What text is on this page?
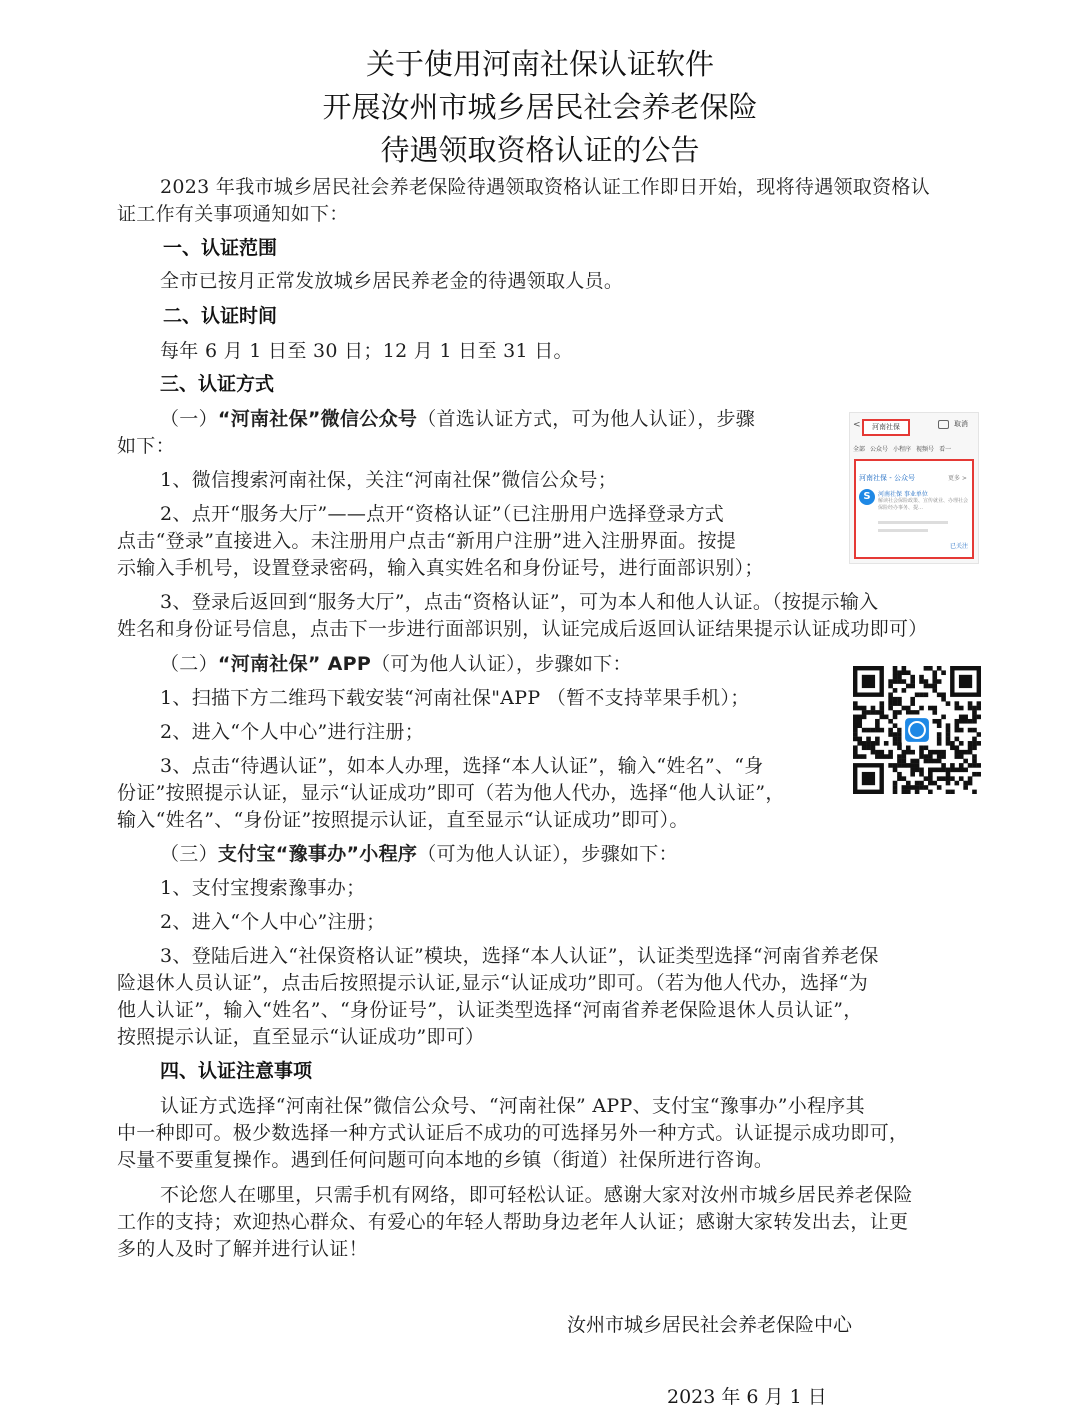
关于使用河南社保认证软件
开展汝州市城乡居民社会养老保险
待遇领取资格认证的公告
2023 年我市城乡居民社会养老保险待遇领取资格认证工作即日开始，现将待遇领取资格认
证工作有关事项通知如下：
一、认证范围
全市已按月正常发放城乡居民养老金的待遇领取人员。
二、认证时间
每年 6 月 1 日至 30 日；12 月 1 日至 31 日。
三、认证方式
（一）“河南社保”微信公众号（首选认证方式，可为他人认证），步骤
如下：
1、微信搜索河南社保，关注“河南社保”微信公众号；
2、点开“服务大厅”——点开“资格认证”（已注册用户选择登录方式
点击“登录”直接进入。未注册用户点击“新用户注册”进入注册界面。按提
示输入手机号，设置登录密码，输入真实姓名和身份证号，进行面部识别）；
3、登录后返回到“服务大厅”，点击“资格认证”，可为本人和他人认证。（按提示输入
姓名和身份证号信息，点击下一步进行面部识别，认证完成后返回认证结果提示认证成功即可）
（二）“河南社保” APP（可为他人认证），步骤如下：
1、扫描下方二维玛下载安装“河南社保"APP （暂不支持苹果手机）；
2、进入“个人中心”进行注册；
3、点击“待遇认证”，如本人办理，选择“本人认证”，输入“姓名”、“身
份证”按照提示认证，显示“认证成功”即可（若为他人代办，选择“他人认证”，
输入“姓名”、“身份证”按照提示认证，直至显示“认证成功”即可）。
（三）支付宝“豫事办”小程序（可为他人认证），步骤如下：
1、支付宝搜索豫事办；
2、进入“个人中心”注册；
3、登陆后进入“社保资格认证”模块，选择“本人认证”，认证类型选择“河南省养老保
险退休人员认证”，点击后按照提示认证,显示“认证成功”即可。（若为他人代办，选择“为
他人认证”，输入“姓名”、“身份证号”，认证类型选择“河南省养老保险退休人员认证”，
按照提示认证，直至显示“认证成功”即可）
四、认证注意事项
认证方式选择“河南社保”微信公众号、“河南社保” APP、支付宝“豫事办”小程序其
中一种即可。极少数选择一种方式认证后不成功的可选择另外一种方式。认证提示成功即可，
尽量不要重复操作。遇到任何问题可向本地的乡镇（街道）社保所进行咨询。
不论您人在哪里，只需手机有网络，即可轻松认证。感谢大家对汝州市城乡居民养老保险
工作的支持；欢迎热心群众、有爱心的年轻人帮助身边老年人认证；感谢大家转发出去，让更
多的人及时了解并进行认证！
汝州市城乡居民社会养老保险中心
2023 年 6 月 1 日
<	河南社保	取消
全部 公众号 小程序 视频号 看一
河南社保 - 公众号	更多 >
S	河南社保 事业单位
解读社会保险政策、宣传就业、办理社会保险经办事务、提…
已关注
